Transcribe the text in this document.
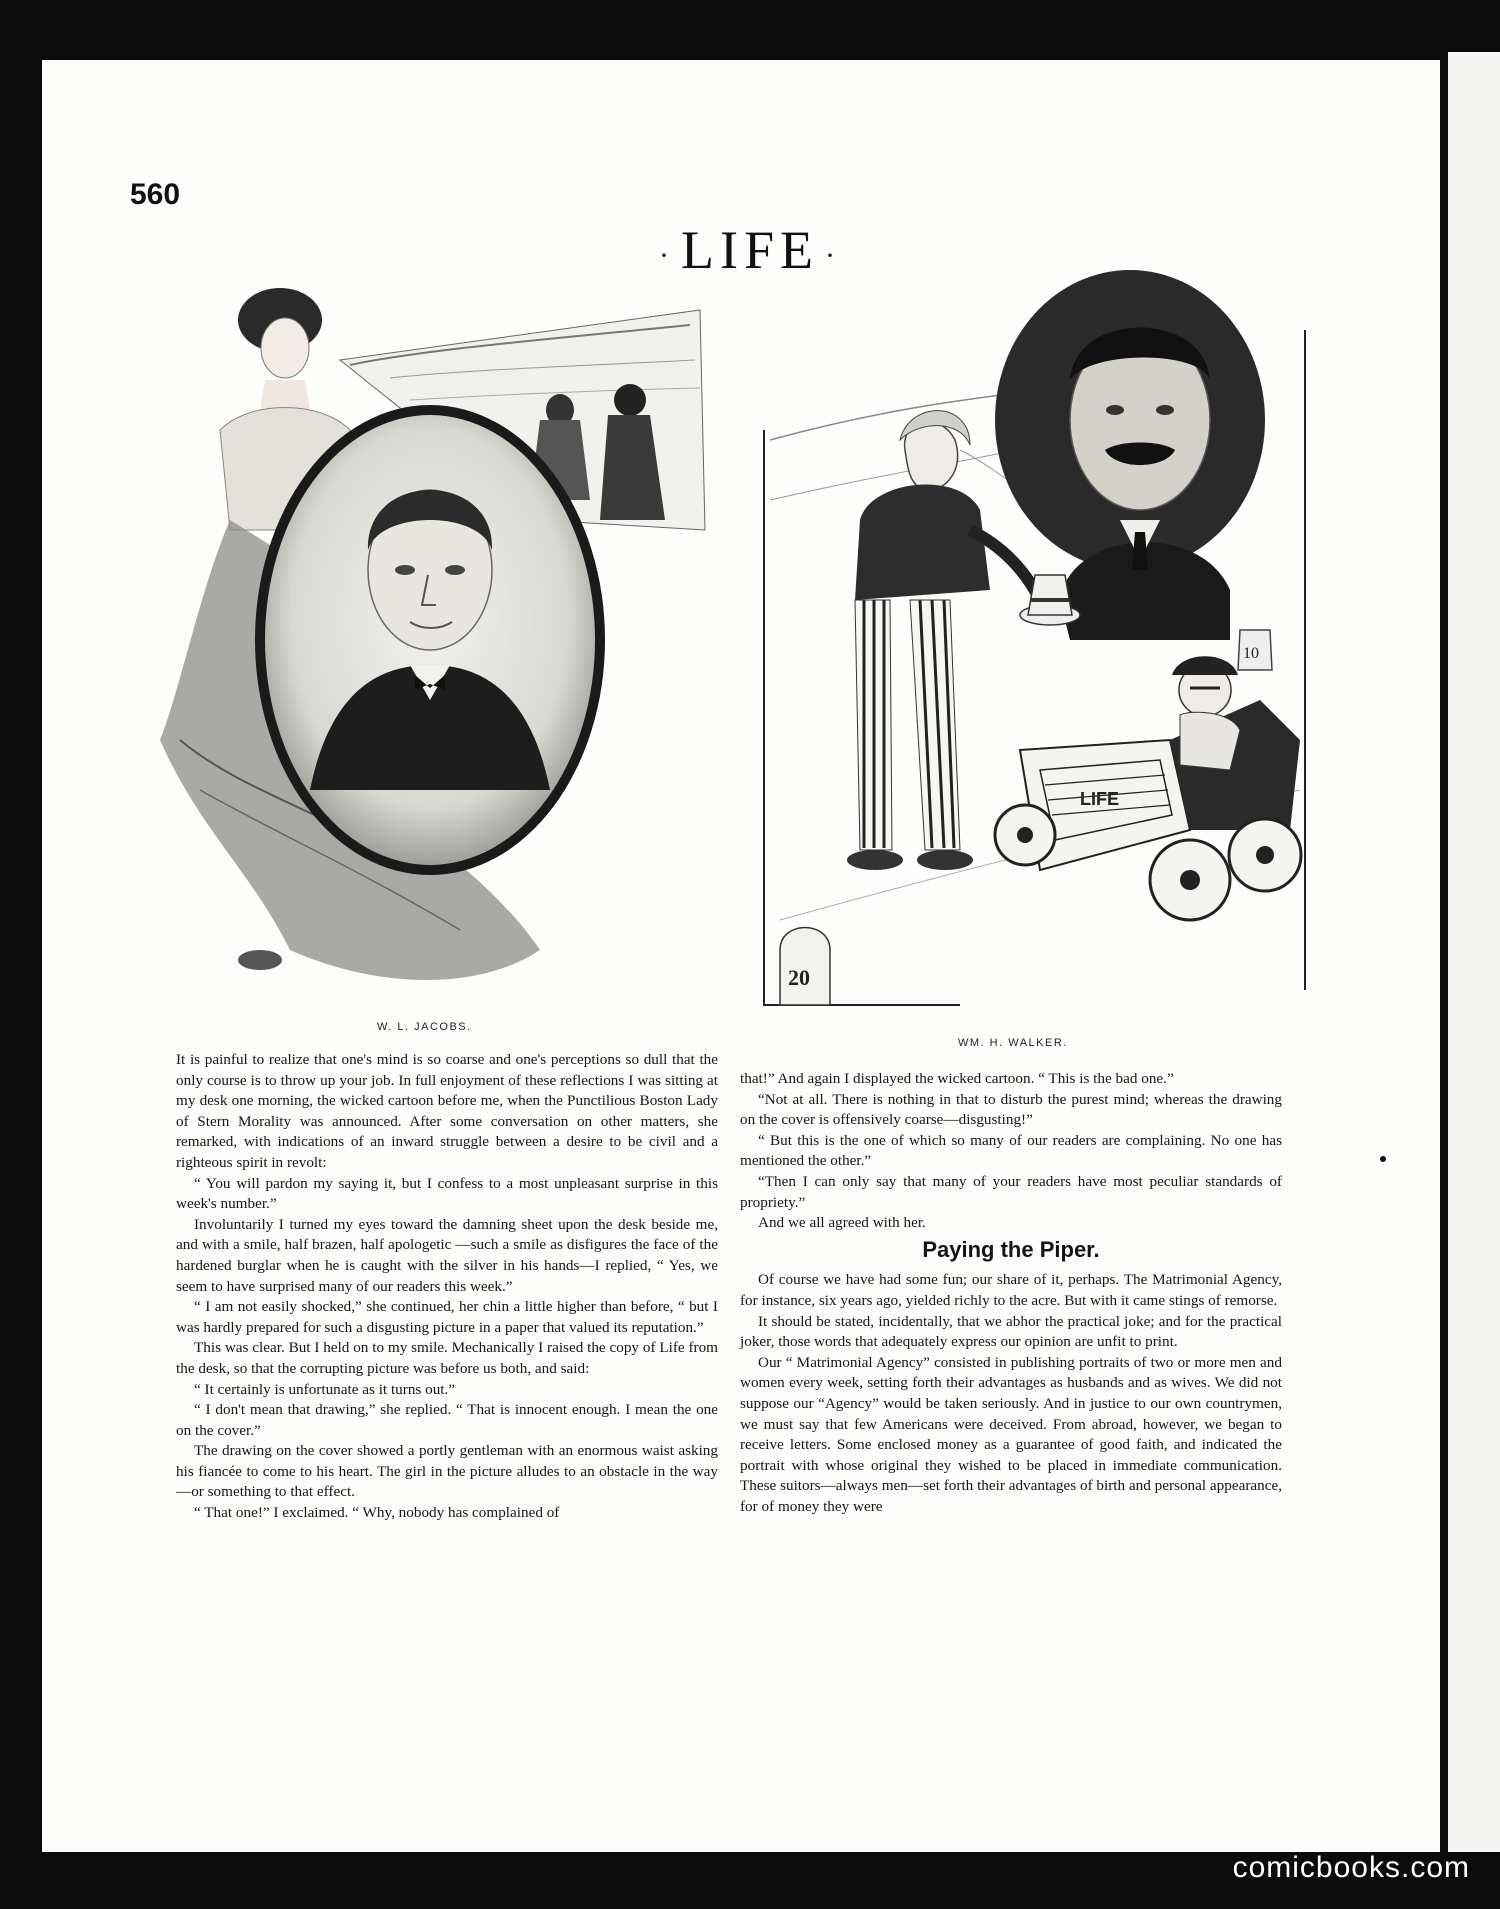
560
· LIFE ·
W. L. JACOBS.
10
20
LIFE
WM. H. WALKER.

It is painful to realize that one's mind is so coarse and one's perceptions so dull that the only course is to throw up your job. In full enjoyment of these reflections I was sitting at my desk one morning, the wicked cartoon before me, when the Punctilious Boston Lady of Stern Morality was announced. After some conversation on other matters, she remarked, with indications of an inward struggle between a desire to be civil and a righteous spirit in revolt:

“ You will pardon my saying it, but I confess to a most unpleasant surprise in this week's number.”

Involuntarily I turned my eyes toward the damning sheet upon the desk beside me, and with a smile, half brazen, half apologetic —such a smile as disfigures the face of the hardened burglar when he is caught with the silver in his hands—I replied, “ Yes, we seem to have surprised many of our readers this week.”

“ I am not easily shocked,” she continued, her chin a little higher than before, “ but I was hardly prepared for such a disgusting picture in a paper that valued its reputation.”

This was clear. But I held on to my smile. Mechanically I raised the copy of Life from the desk, so that the corrupting picture was before us both, and said:

“ It certainly is unfortunate as it turns out.”

“ I don't mean that drawing,” she replied. “ That is innocent enough. I mean the one on the cover.”

The drawing on the cover showed a portly gentleman with an enormous waist asking his fiancée to come to his heart. The girl in the picture alludes to an obstacle in the way—or something to that effect.

“ That one!” I exclaimed. “ Why, nobody has complained of

that!” And again I displayed the wicked cartoon. “ This is the bad one.”

“Not at all. There is nothing in that to disturb the purest mind; whereas the drawing on the cover is offensively coarse—disgusting!”

“ But this is the one of which so many of our readers are complaining. No one has mentioned the other.”

“Then I can only say that many of your readers have most peculiar standards of propriety.”

And we all agreed with her.

Paying the Piper.

Of course we have had some fun; our share of it, perhaps. The Matrimonial Agency, for instance, six years ago, yielded richly to the acre. But with it came stings of remorse.

It should be stated, incidentally, that we abhor the practical joke; and for the practical joker, those words that adequately express our opinion are unfit to print.

Our “ Matrimonial Agency” consisted in publishing portraits of two or more men and women every week, setting forth their advantages as husbands and as wives. We did not suppose our “Agency” would be taken seriously. And in justice to our own countrymen, we must say that few Americans were deceived. From abroad, however, we began to receive letters. Some enclosed money as a guarantee of good faith, and indicated the portrait with whose original they wished to be placed in immediate communication. These suitors—always men—set forth their advantages of birth and personal appearance, for of money they were

comicbooks.com
